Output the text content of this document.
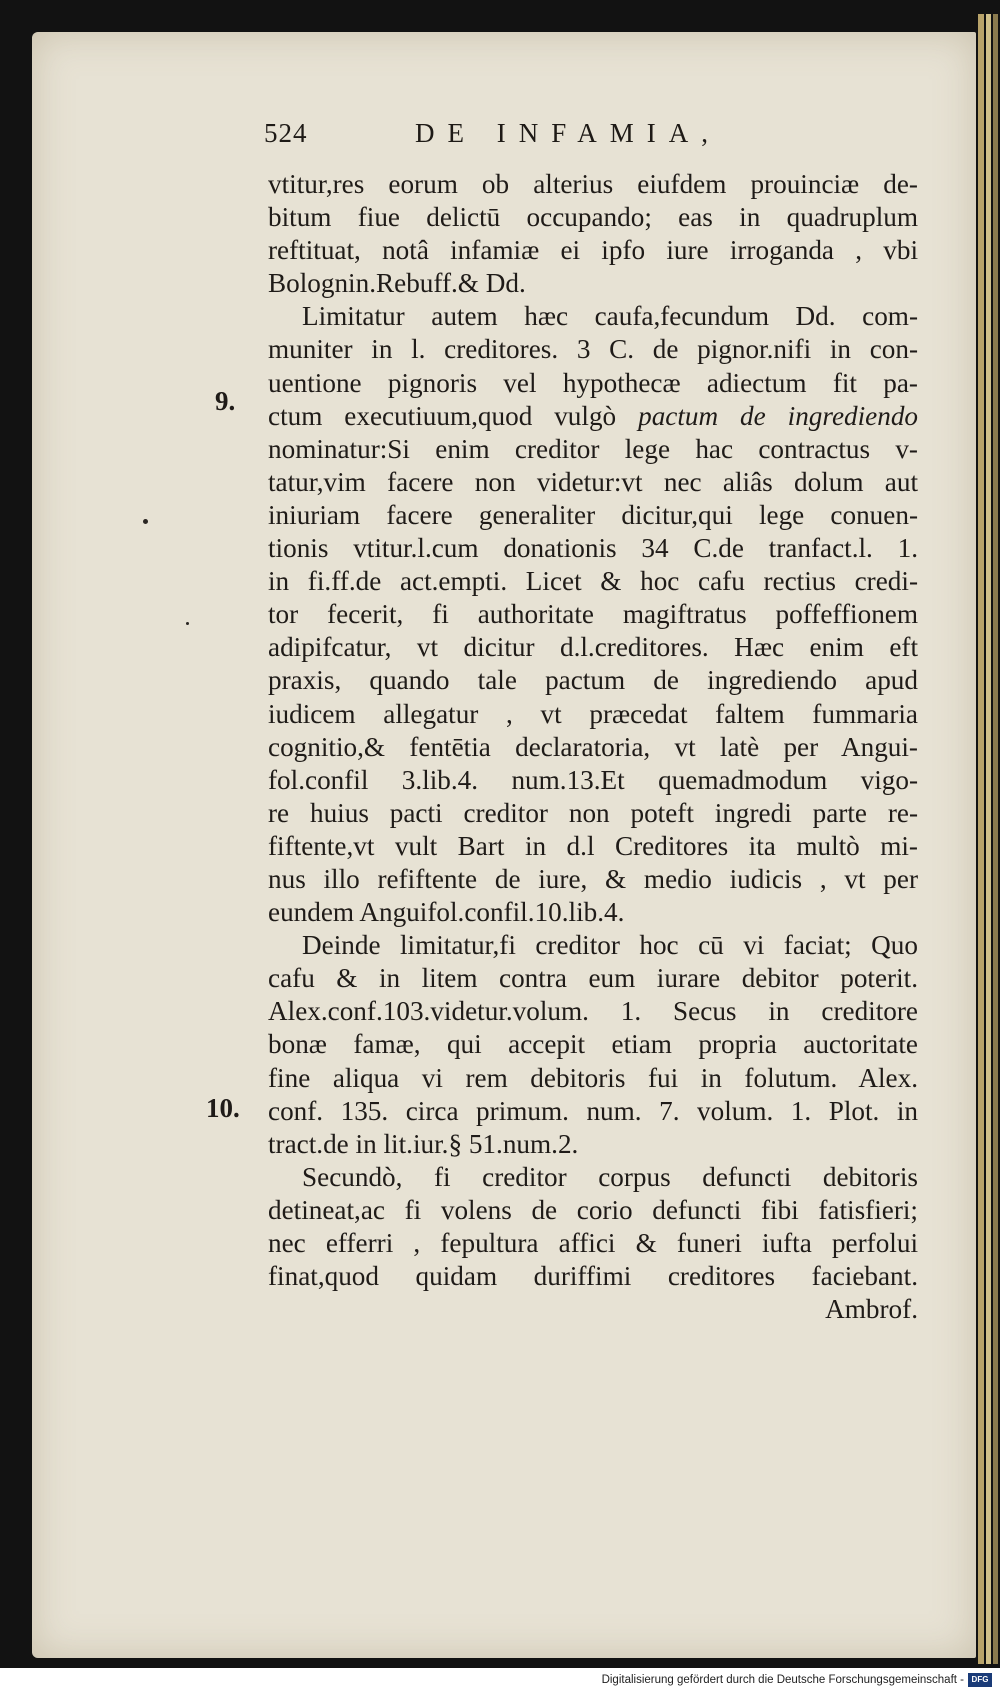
524	DE INFAMIA,
9.
10.
vtitur,res eorum ob alterius eiufdem prouinciæ de-
bitum fiue delictū occupando; eas in quadruplum
reftituat, notâ infamiæ ei ipfo iure irroganda , vbi
Bolognin.Rebuff.& Dd.
Limitatur autem hæc caufa,fecundum Dd. com-
muniter in l. creditores. 3 C. de pignor.nifi in con-
uentione pignoris vel hypothecæ adiectum fit pa-
ctum executiuum,quod vulgò pactum de ingrediendo
nominatur:Si enim creditor lege hac contractus v-
tatur,vim facere non videtur:vt nec aliâs dolum aut
iniuriam facere generaliter dicitur,qui lege conuen-
tionis vtitur.l.cum donationis 34 C.de tranfact.l. 1.
in fi.ff.de act.empti. Licet & hoc cafu rectius credi-
tor fecerit, fi authoritate magiftratus poffeffionem
adipifcatur, vt dicitur d.l.creditores. Hæc enim eft
praxis, quando tale pactum de ingrediendo apud
iudicem allegatur , vt præcedat faltem fummaria
cognitio,& fentētia declaratoria, vt latè per Angui-
fol.confil 3.lib.4. num.13.Et quemadmodum vigo-
re huius pacti creditor non poteft ingredi parte re-
fiftente,vt vult Bart in d.l Creditores ita multò mi-
nus illo refiftente de iure, & medio iudicis , vt per
eundem Anguifol.confil.10.lib.4.
Deinde limitatur,fi creditor hoc cū vi faciat; Quo
cafu & in litem contra eum iurare debitor poterit.
Alex.conf.103.videtur.volum. 1. Secus in creditore
bonæ famæ, qui accepit etiam propria auctoritate
fine aliqua vi rem debitoris fui in folutum. Alex.
conf. 135. circa primum. num. 7. volum. 1. Plot. in
tract.de in lit.iur.§ 51.num.2.
Secundò, fi creditor corpus defuncti debitoris
detineat,ac fi volens de corio defuncti fibi fatisfieri;
nec efferri , fepultura affici & funeri iufta perfolui
finat,quod quidam duriffimi creditores faciebant.
Ambrof.
Digitalisierung gefördert durch die Deutsche Forschungsgemeinschaft - DFG
